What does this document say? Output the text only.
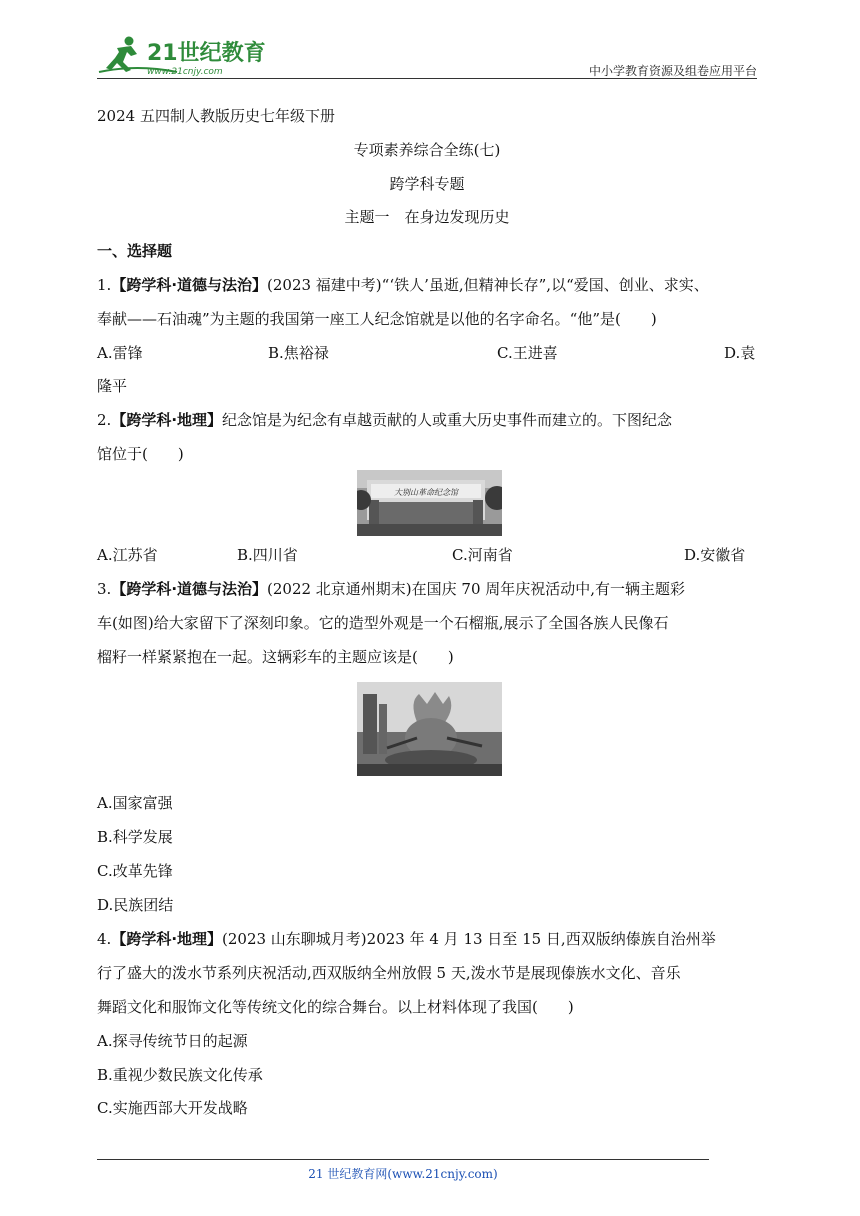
21世纪教育
www.21cnjy.com	中小学教育资源及组卷应用平台
2024 五四制人教版历史七年级下册
专项素养综合全练(七)
跨学科专题
主题一　在身边发现历史
一、选择题
1.【跨学科·道德与法治】(2023 福建中考)“‘铁人’虽逝,但精神长存”,以“爱国、创业、求实、
奉献——石油魂”为主题的我国第一座工人纪念馆就是以他的名字命名。“他”是(　　)
A.雷锋	B.焦裕禄	C.王进喜	D.袁
隆平
2.【跨学科·地理】纪念馆是为纪念有卓越贡献的人或重大历史事件而建立的。下图纪念
馆位于(　　)
大别山革命纪念馆
A.江苏省	B.四川省	C.河南省	D.安徽省
3.【跨学科·道德与法治】(2022 北京通州期末)在国庆 70 周年庆祝活动中,有一辆主题彩
车(如图)给大家留下了深刻印象。它的造型外观是一个石榴瓶,展示了全国各族人民像石
榴籽一样紧紧抱在一起。这辆彩车的主题应该是(　　)
A.国家富强
B.科学发展
C.改革先锋
D.民族团结
4.【跨学科·地理】(2023 山东聊城月考)2023 年 4 月 13 日至 15 日,西双版纳傣族自治州举
行了盛大的泼水节系列庆祝活动,西双版纳全州放假 5 天,泼水节是展现傣族水文化、音乐
舞蹈文化和服饰文化等传统文化的综合舞台。以上材料体现了我国(　　)
A.探寻传统节日的起源
B.重视少数民族文化传承
C.实施西部大开发战略
21 世纪教育网(www.21cnjy.com)
